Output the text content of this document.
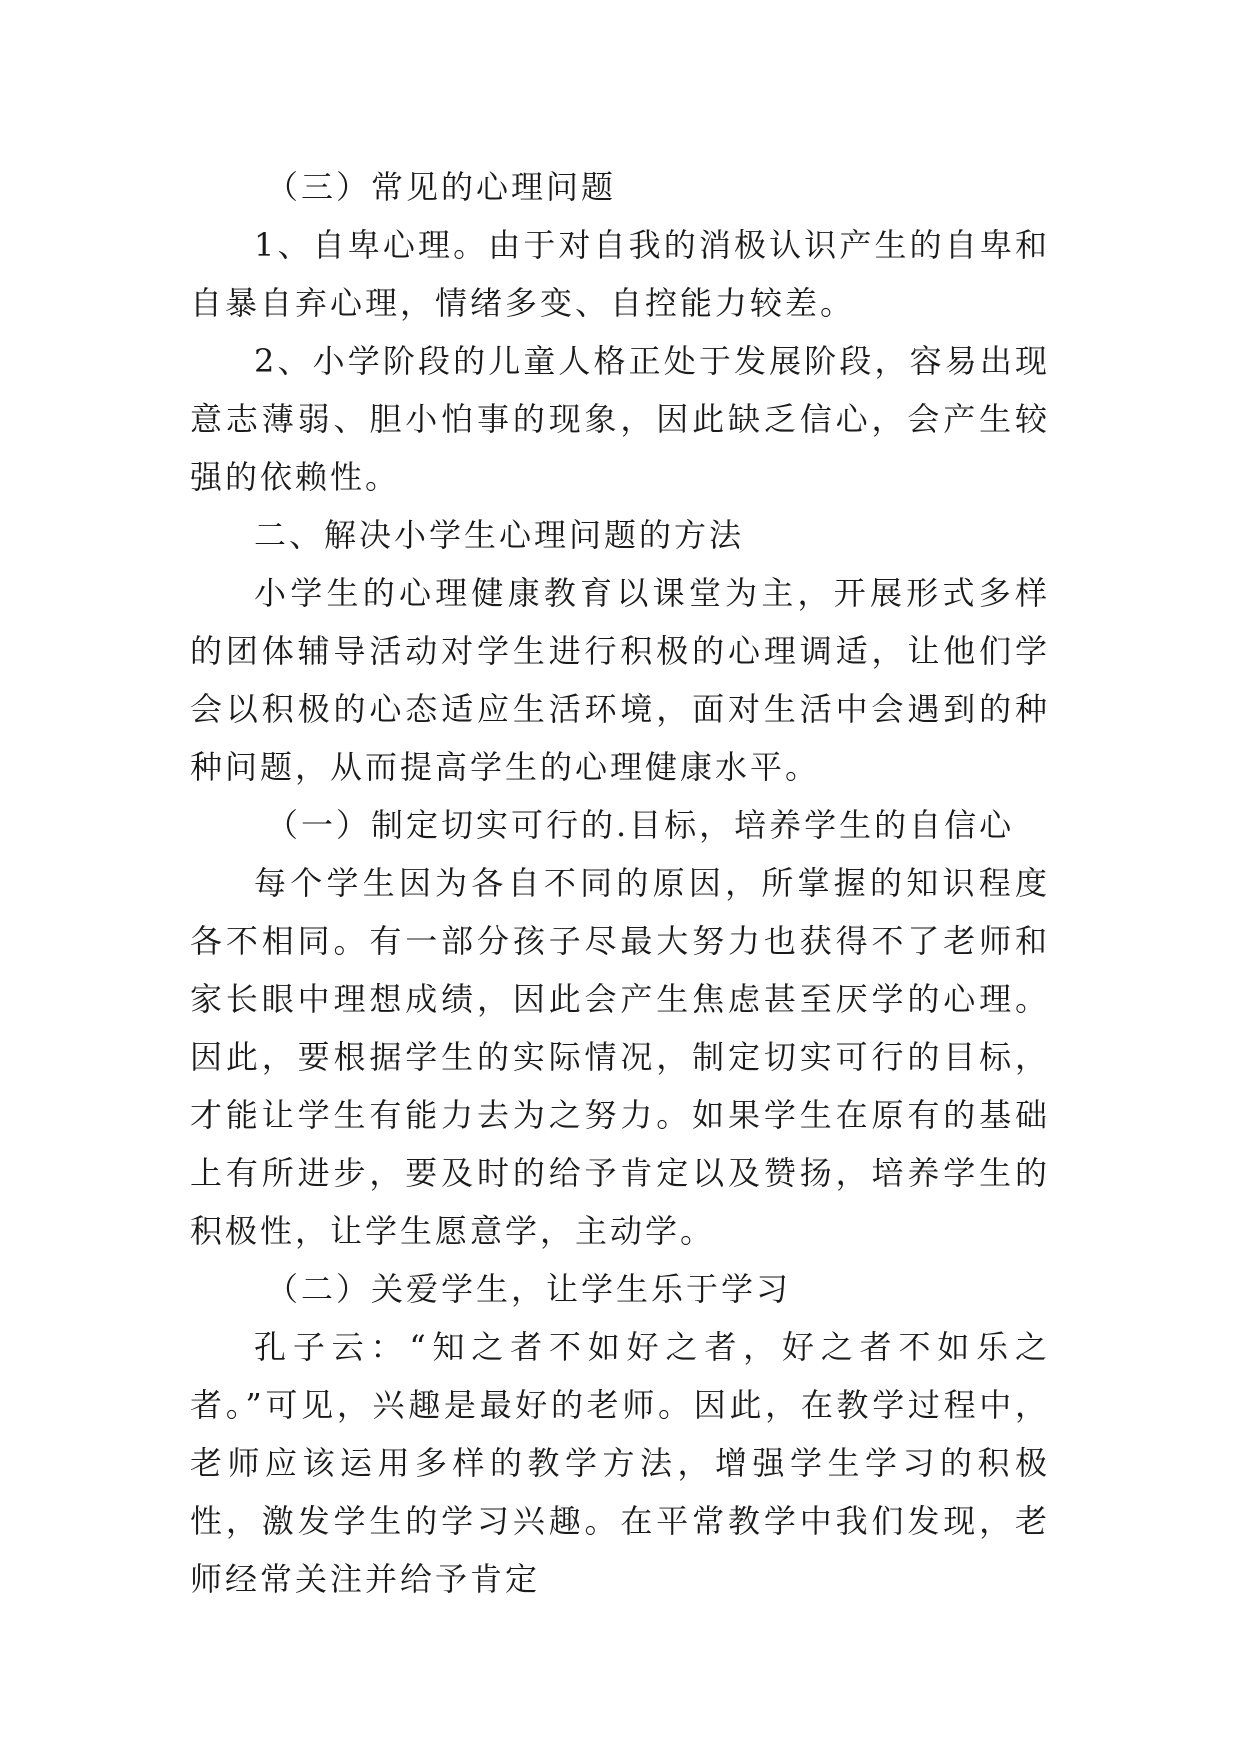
（三）常见的心理问题

1、自卑心理。由于对自我的消极认识产生的自卑和自暴自弃心理，情绪多变、自控能力较差。

2、小学阶段的儿童人格正处于发展阶段，容易出现意志薄弱、胆小怕事的现象，因此缺乏信心，会产生较强的依赖性。

二、解决小学生心理问题的方法

小学生的心理健康教育以课堂为主，开展形式多样的团体辅导活动对学生进行积极的心理调适，让他们学会以积极的心态适应生活环境，面对生活中会遇到的种种问题，从而提高学生的心理健康水平。

（一）制定切实可行的.目标，培养学生的自信心

每个学生因为各自不同的原因，所掌握的知识程度各不相同。有一部分孩子尽最大努力也获得不了老师和家长眼中理想成绩，因此会产生焦虑甚至厌学的心理。因此，要根据学生的实际情况，制定切实可行的目标，才能让学生有能力去为之努力。如果学生在原有的基础上有所进步，要及时的给予肯定以及赞扬，培养学生的积极性，让学生愿意学，主动学。

（二）关爱学生，让学生乐于学习

孔子云：“知之者不如好之者，好之者不如乐之者。”可见，兴趣是最好的老师。因此，在教学过程中，老师应该运用多样的教学方法，增强学生学习的积极性，激发学生的学习兴趣。在平常教学中我们发现，老师经常关注并给予肯定
